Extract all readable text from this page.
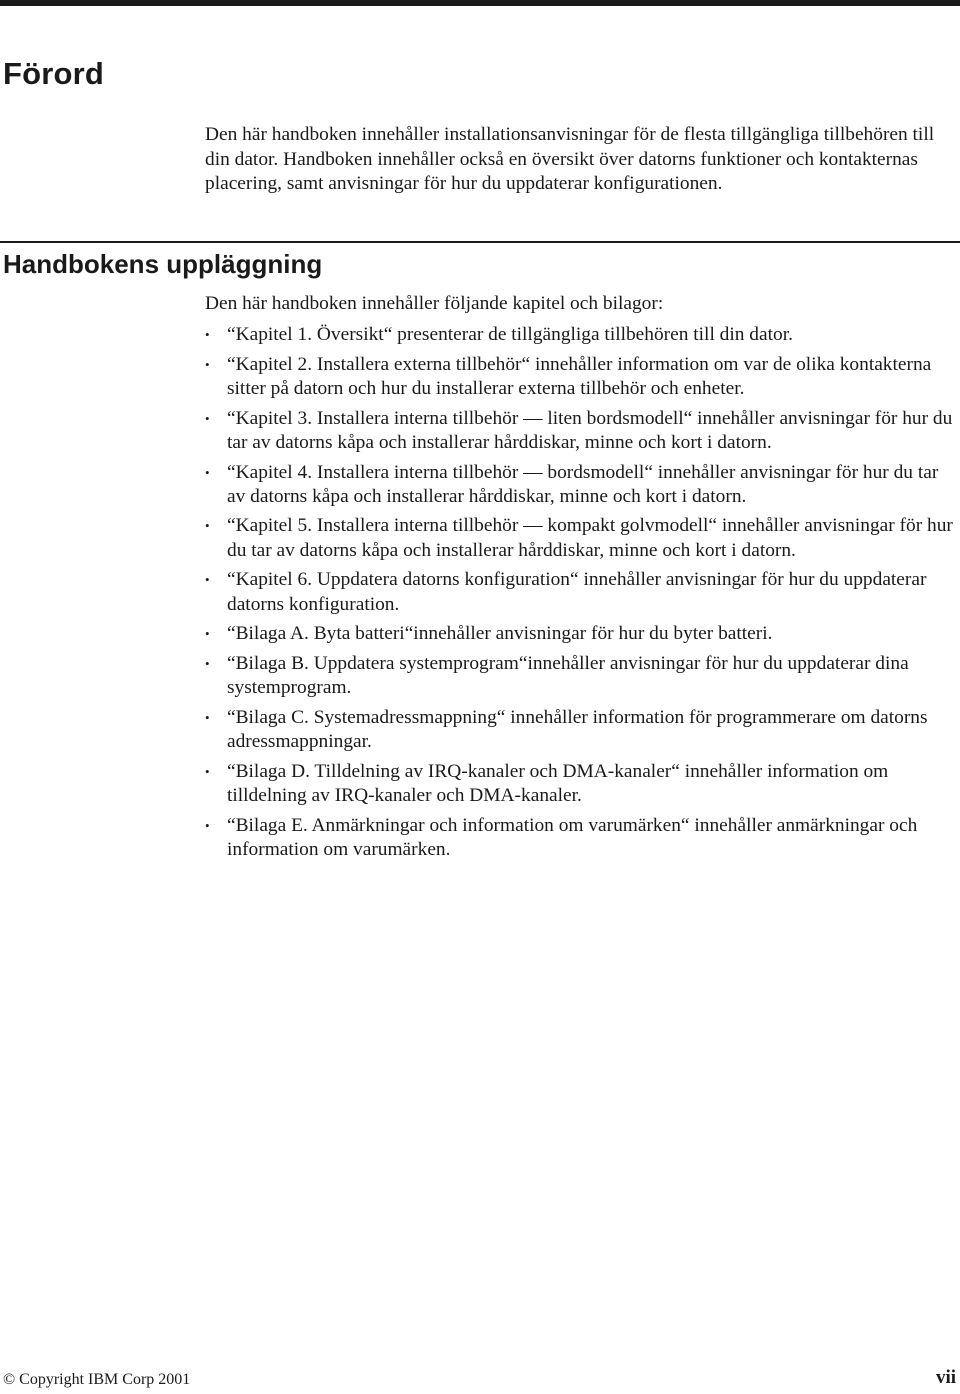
Förord

Den här handboken innehåller installationsanvisningar för de flesta tillgängliga tillbehören till din dator. Handboken innehåller också en översikt över datorns funktioner och kontakternas placering, samt anvisningar för hur du uppdaterar konfigurationen.

Handbokens uppläggning

Den här handboken innehåller följande kapitel och bilagor:

• “Kapitel 1. Översikt“ presenterar de tillgängliga tillbehören till din dator.
• “Kapitel 2. Installera externa tillbehör“ innehåller information om var de olika kontakterna sitter på datorn och hur du installerar externa tillbehör och enheter.
• “Kapitel 3. Installera interna tillbehör — liten bordsmodell“ innehåller anvisningar för hur du tar av datorns kåpa och installerar hårddiskar, minne och kort i datorn.
• “Kapitel 4. Installera interna tillbehör — bordsmodell“ innehåller anvisningar för hur du tar av datorns kåpa och installerar hårddiskar, minne och kort i datorn.
• “Kapitel 5. Installera interna tillbehör — kompakt golvmodell“ innehåller anvisningar för hur du tar av datorns kåpa och installerar hårddiskar, minne och kort i datorn.
• “Kapitel 6. Uppdatera datorns konfiguration“ innehåller anvisningar för hur du uppdaterar datorns konfiguration.
• “Bilaga A. Byta batteri“innehåller anvisningar för hur du byter batteri.
• “Bilaga B. Uppdatera systemprogram“innehåller anvisningar för hur du uppdaterar dina systemprogram.
• “Bilaga C. Systemadressmappning“ innehåller information för programmerare om datorns adressmappningar.
• “Bilaga D. Tilldelning av IRQ-kanaler och DMA-kanaler“ innehåller information om tilldelning av IRQ-kanaler och DMA-kanaler.
• “Bilaga E. Anmärkningar och information om varumärken“ innehåller anmärkningar och information om varumärken.

© Copyright IBM Corp 2001	vii
